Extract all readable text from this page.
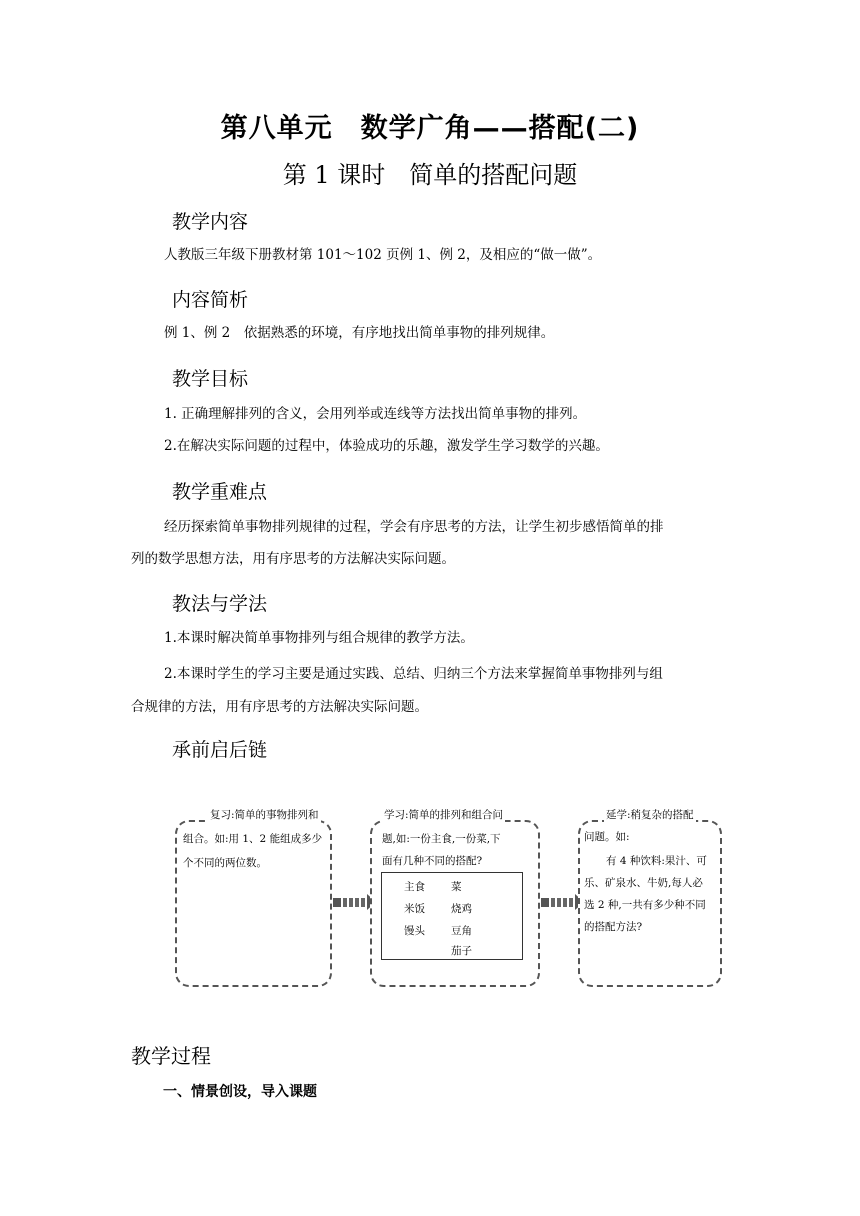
第八单元　数学广角——搭配(二)
第 1 课时　简单的搭配问题
教学内容
人教版三年级下册教材第 101～102 页例 1、例 2，及相应的“做一做”。
内容简析
例 1、例 2　依据熟悉的环境，有序地找出简单事物的排列规律。
教学目标
1. 正确理解排列的含义，会用列举或连线等方法找出简单事物的排列。
2.在解决实际问题的过程中，体验成功的乐趣，激发学生学习数学的兴趣。
教学重难点
经历探索简单事物排列规律的过程，学会有序思考的方法，让学生初步感悟简单的排
列的数学思想方法，用有序思考的方法解决实际问题。
教法与学法
1.本课时解决简单事物排列与组合规律的教学方法。
2.本课时学生的学习主要是通过实践、总结、归纳三个方法来掌握简单事物排列与组
合规律的方法，用有序思考的方法解决实际问题。
承前启后链
复习:简单的事物排列和
组合。如:用 1、2 能组成多少
个不同的两位数。
学习:简单的排列和组合问
题,如:一份主食,一份菜,下
面有几种不同的搭配?
主食 菜
米饭 烧鸡
馒头 豆角
茄子
延学:稍复杂的搭配
问题。如:
有 4 种饮料:果汁、可
乐、矿泉水、牛奶,每人必
选 2 种,一共有多少种不同
的搭配方法?
教学过程
一、情景创设，导入课题
